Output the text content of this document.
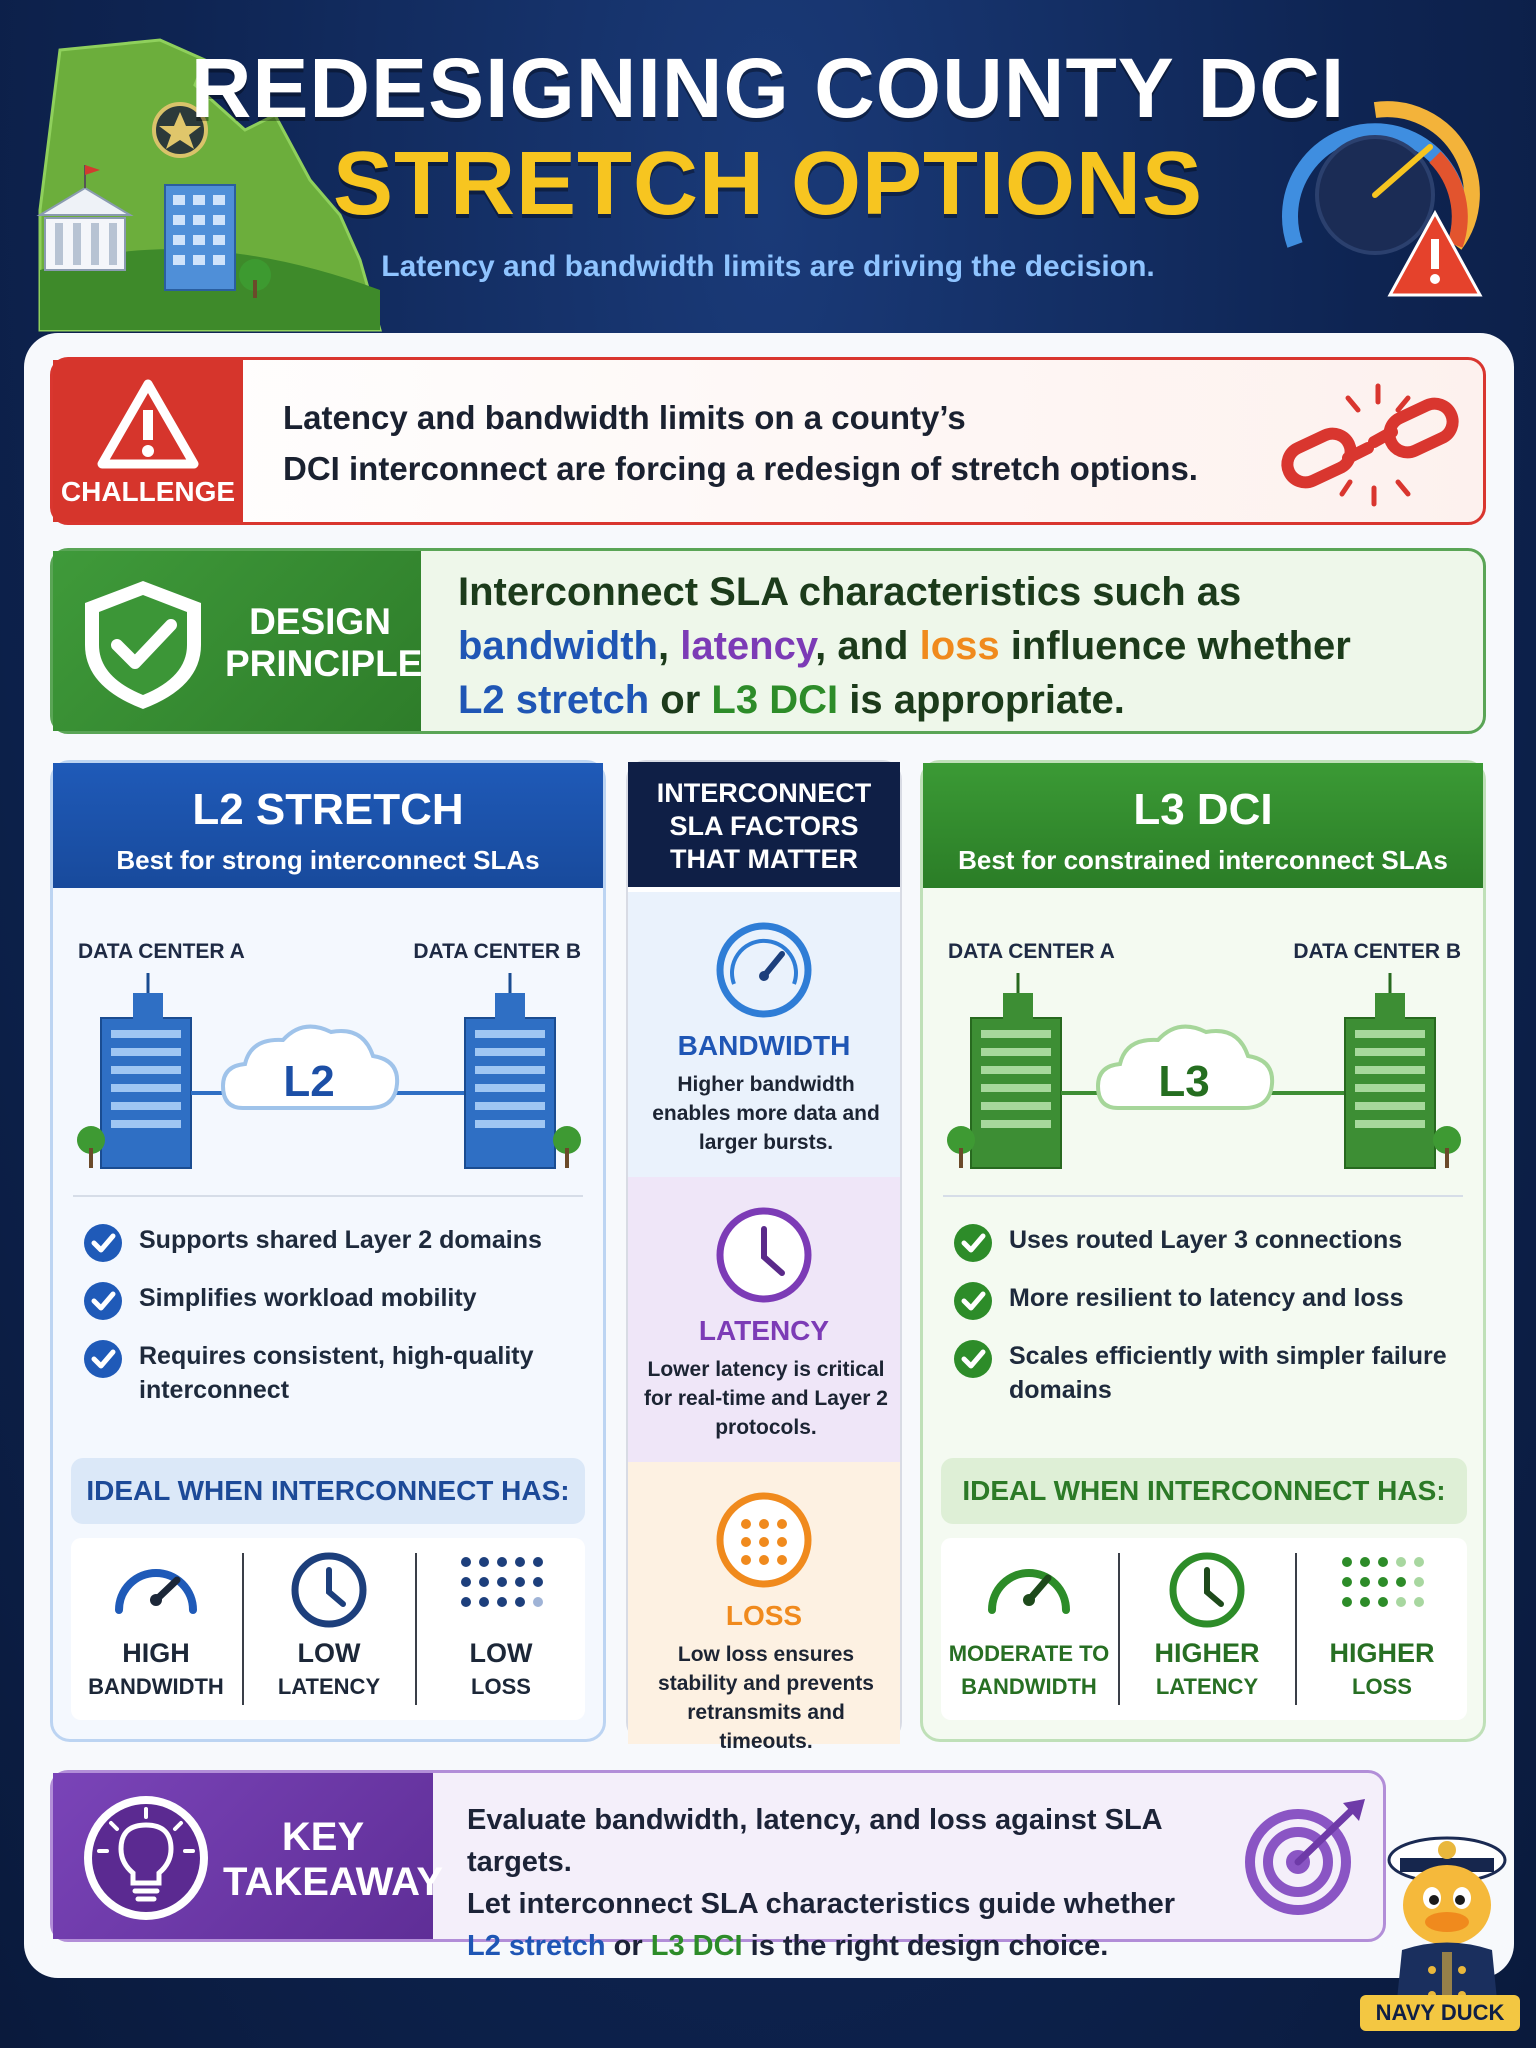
REDESIGNING COUNTY DCI
STRETCH OPTIONS
Latency and bandwidth limits are driving the decision.
CHALLENGE
Latency and bandwidth limits on a county’s
DCI interconnect are forcing a redesign of stretch options.
DESIGN
PRINCIPLE
Interconnect SLA characteristics such as
bandwidth, latency, and loss influence whether
L2 stretch or L3 DCI is appropriate.
L2 STRETCH
Best for strong interconnect SLAs
DATA CENTER A	DATA CENTER B
L2
Supports shared Layer 2 domains
Simplifies workload mobility
Requires consistent, high-quality interconnect
IDEAL WHEN INTERCONNECT HAS:
HIGH
BANDWIDTH
LOW
LATENCY
LOW
LOSS
INTERCONNECT
SLA FACTORS
THAT MATTER
BANDWIDTH
Higher bandwidth enables more data and larger bursts.
LATENCY
Lower latency is critical for real-time and Layer 2 protocols.
LOSS
Low loss ensures stability and prevents retransmits and timeouts.
L3 DCI
Best for constrained interconnect SLAs
DATA CENTER A	DATA CENTER B
L3
Uses routed Layer 3 connections
More resilient to latency and loss
Scales efficiently with simpler failure domains
IDEAL WHEN INTERCONNECT HAS:
MODERATE TO
BANDWIDTH
HIGHER
LATENCY
HIGHER
LOSS
KEY
TAKEAWAY
Evaluate bandwidth, latency, and loss against SLA targets.
Let interconnect SLA characteristics guide whether
L2 stretch or L3 DCI is the right design choice.
NAVY DUCK
